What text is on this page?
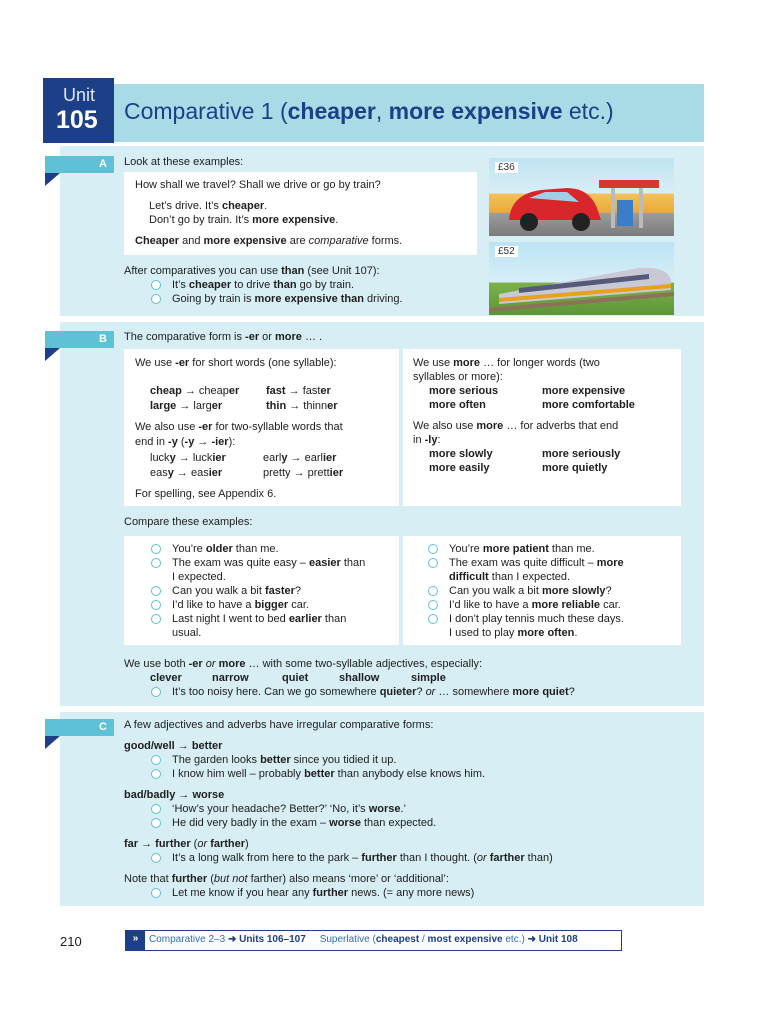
Unit
105 Comparative 1 (cheaper, more expensive etc.)
A	Look at these examples:
How shall we travel? Shall we drive or go by train?
Let’s drive. It’s cheaper.
Don’t go by train. It’s more expensive.
Cheaper and more expensive are comparative forms.
After comparatives you can use than (see Unit 107):
It’s cheaper to drive than go by train.
Going by train is more expensive than driving.
£36
£52
B	The comparative form is -er or more … .
We use -er for short words (one syllable):
cheap → cheaper fast → faster
large → larger	thin → thinner
We also use -er for two-syllable words that
end in -y (-y → -ier):
lucky → luckier	early → earlier
easy → easier	pretty → prettier
For spelling, see Appendix 6.
We use more … for longer words (two
syllables or more):
more serious	more expensive
more often	more comfortable
We also use more … for adverbs that end
in -ly:
more slowly	more seriously
more easily	more quietly
Compare these examples:
You’re older than me.
The exam was quite easy – easier than
I expected.
Can you walk a bit faster?
I’d like to have a bigger car.
Last night I went to bed earlier than
usual.
You’re more patient than me.
The exam was quite difficult – more
difficult than I expected.
Can you walk a bit more slowly?
I’d like to have a more reliable car.
I don’t play tennis much these days.
I used to play more often.
We use both -er or more … with some two-syllable adjectives, especially:
clever	narrow	quiet	shallow	simple
It’s too noisy here. Can we go somewhere quieter? or … somewhere more quiet?
C	A few adjectives and adverbs have irregular comparative forms:
good/well → better
The garden looks better since you tidied it up.
I know him well – probably better than anybody else knows him.
bad/badly → worse
‘How’s your headache? Better?’ ‘No, it’s worse.’
He did very badly in the exam – worse than expected.
far → further (or farther)
It’s a long walk from here to the park – further than I thought. (or farther than)
Note that further (but not farther) also means ‘more’ or ‘additional’:
Let me know if you hear any further news. (= any more news)
210	»	Comparative 2–3 ➜ Units 106–107     Superlative (cheapest / most expensive etc.) ➜ Unit 108
